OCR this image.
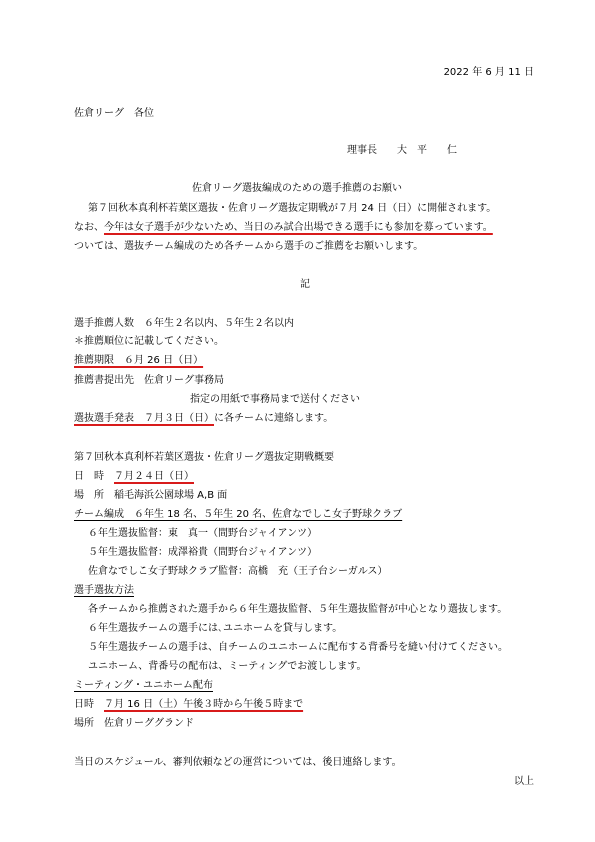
2022 年 6 月 11 日
佐倉リーグ　各位
理事長　　大　平　　仁
佐倉リーグ選抜編成のための選手推薦のお願い
第７回秋本真利杯若葉区選抜・佐倉リーグ選抜定期戦が７月 24 日（日）に開催されます。
なお、今年は女子選手が少ないため、当日のみ試合出場できる選手にも参加を募っています。
ついては、選抜チーム編成のため各チームから選手のご推薦をお願いします。
記
選手推薦人数　６年生２名以内、５年生２名以内
＊推薦順位に記載してください。
推薦期限　６月 26 日（日）
推薦書提出先　佐倉リーグ事務局
指定の用紙で事務局まで送付ください
選抜選手発表　７月３日（日）に各チームに連絡します。
第７回秋本真利杯若葉区選抜・佐倉リーグ選抜定期戦概要
日　時　７月２４日（日）
場　所　稲毛海浜公園球場 A,B 面
チーム編成　６年生 18 名、５年生 20 名、佐倉なでしこ女子野球クラブ
６年生選抜監督：東　真一（間野台ジャイアンツ）
５年生選抜監督：成澤裕貴（間野台ジャイアンツ）
佐倉なでしこ女子野球クラブ監督：高橋　充（王子台シーガルス）
選手選抜方法
各チームから推薦された選手から６年生選抜監督、５年生選抜監督が中心となり選抜します。
６年生選抜チームの選手には､ユニホームを貸与します。
５年生選抜チームの選手は、自チームのユニホームに配布する背番号を縫い付けてください。
ユニホーム、背番号の配布は、ミーティングでお渡しします。
ミーティング・ユニホーム配布
日時　７月 16 日（土）午後３時から午後５時まで
場所　佐倉リーググランド
当日のスケジュール、審判依頼などの運営については、後日連絡します。
以上
